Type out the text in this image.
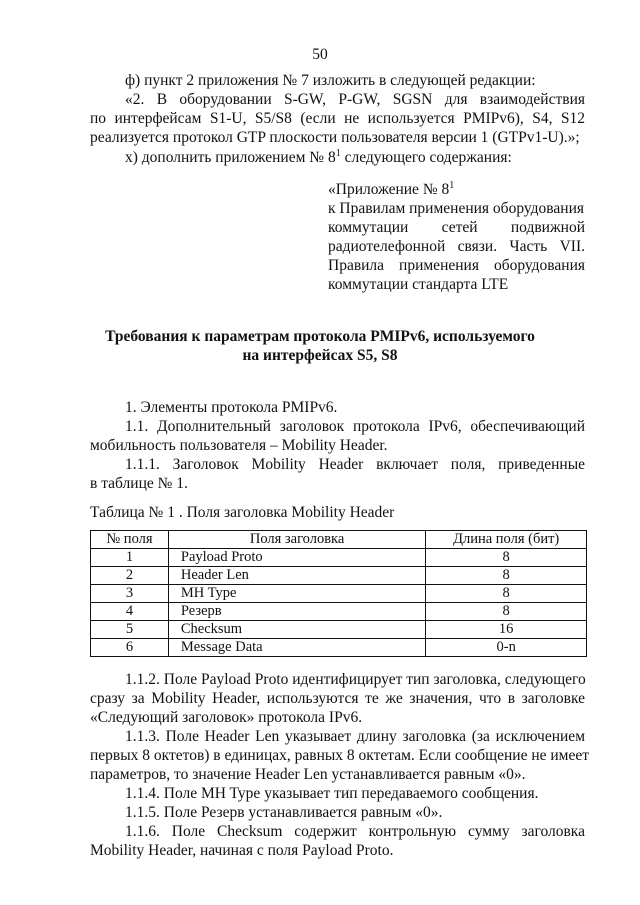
50
ф) пункт 2 приложения № 7 изложить в следующей редакции:
«2. В оборудовании S-GW, P-GW, SGSN для взаимодействия
по интерфейсам S1-U, S5/S8 (если не используется PMIPv6), S4, S12
реализуется протокол GTP плоскости пользователя версии 1 (GTPv1-U).»;
х) дополнить приложением № $8^1$ следующего содержания:
«Приложение № $8^1$
к Правилам применения оборудования
коммутации сетей подвижной
радиотелефонной связи. Часть VII.
Правила применения оборудования
коммутации стандарта LTE
Требования к параметрам протокола PMIPv6, используемого
на интерфейсах S5, S8
1. Элементы протокола PMIPv6.
1.1. Дополнительный заголовок протокола IPv6, обеспечивающий
мобильность пользователя – Mobility Header.
1.1.1. Заголовок Mobility Header включает поля, приведенные
в таблице № 1.
Таблица № 1 . Поля заголовка Mobility Header
№ поля	Поля заголовка	Длина поля (бит)
1	Payload Proto	8
2	Header Len	8
3	MH Type	8
4	Резерв	8
5	Checksum	16
6	Message Data	0-n
1.1.2. Поле Payload Proto идентифицирует тип заголовка, следующего
сразу за Mobility Header, используются те же значения, что в заголовке
«Следующий заголовок» протокола IPv6.
1.1.3. Поле Header Len указывает длину заголовка (за исключением
первых 8 октетов) в единицах, равных 8 октетам. Если сообщение не имеет
параметров, то значение Header Len устанавливается равным «0».
1.1.4. Поле MH Type указывает тип передаваемого сообщения.
1.1.5. Поле Резерв устанавливается равным «0».
1.1.6. Поле Checksum содержит контрольную сумму заголовка
Mobility Header, начиная с поля Payload Proto.
